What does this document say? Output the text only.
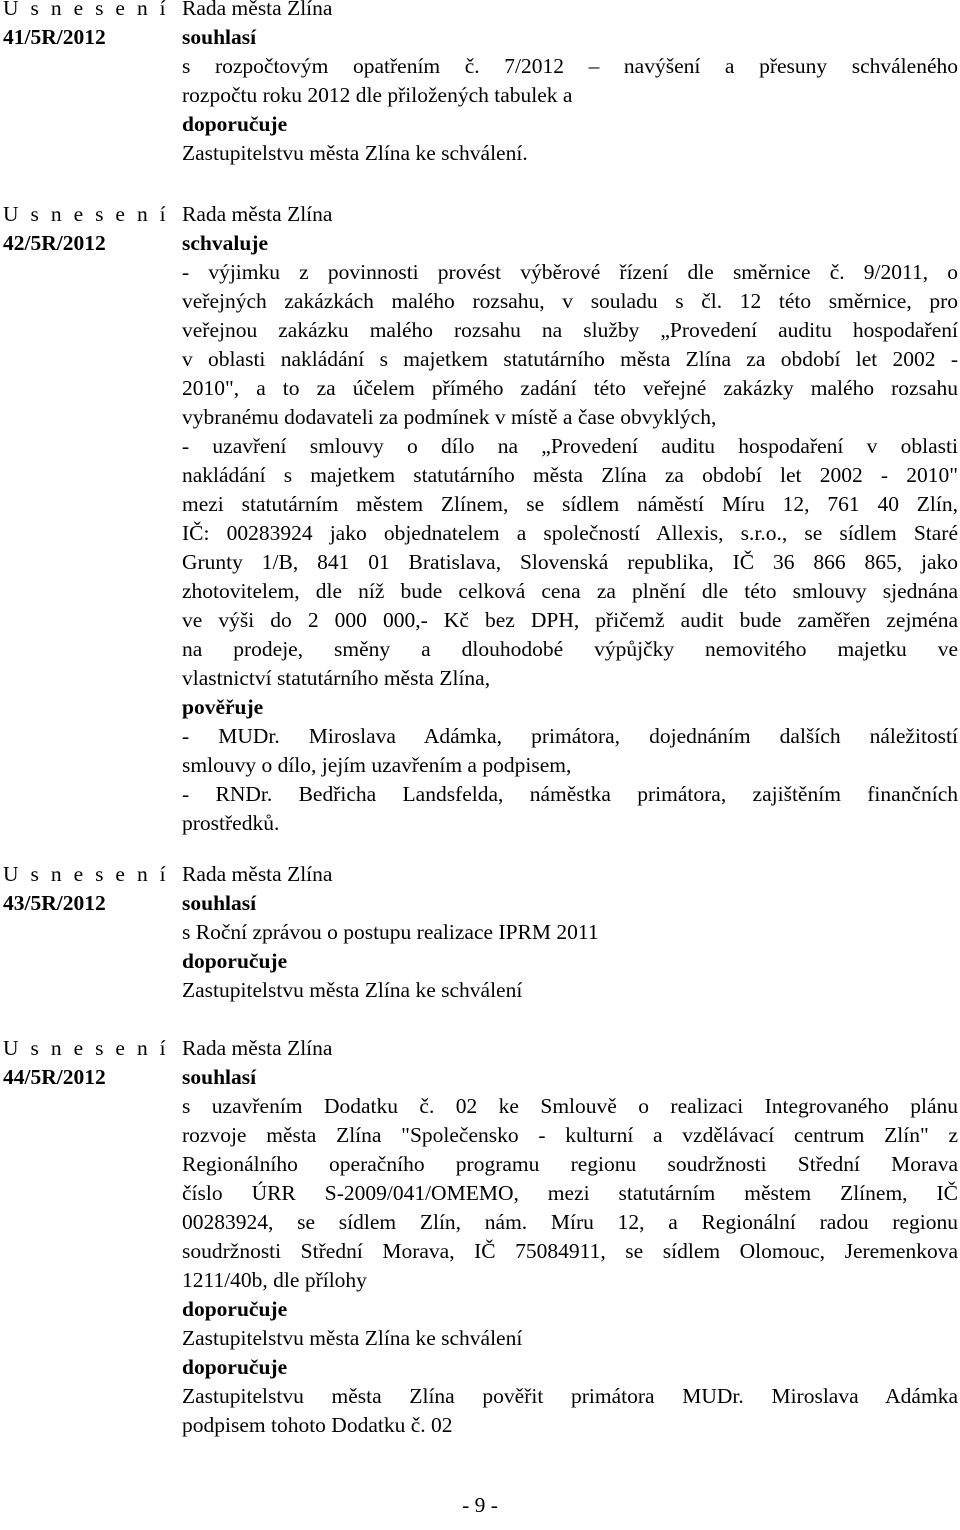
U s n e s e n í
41/5R/2012
Rada města Zlína
souhlasí
s rozpočtovým opatřením č. 7/2012 – navýšení a přesuny schváleného
rozpočtu roku 2012 dle přiložených tabulek a
doporučuje
Zastupitelstvu města Zlína ke schválení.
U s n e s e n í
42/5R/2012
Rada města Zlína
schvaluje
- výjimku z povinnosti provést výběrové řízení dle směrnice č. 9/2011, o
veřejných zakázkách malého rozsahu, v souladu s čl. 12 této směrnice, pro
veřejnou zakázku malého rozsahu na služby „Provedení auditu hospodaření
v oblasti nakládání s majetkem statutárního města Zlína za období let 2002 -
2010", a to za účelem přímého zadání této veřejné zakázky malého rozsahu
vybranému dodavateli za podmínek v místě a čase obvyklých,
- uzavření smlouvy o dílo na „Provedení auditu hospodaření v oblasti
nakládání s majetkem statutárního města Zlína za období let 2002 - 2010"
mezi statutárním městem Zlínem, se sídlem náměstí Míru 12, 761 40 Zlín,
IČ: 00283924 jako objednatelem a společností Allexis, s.r.o., se sídlem Staré
Grunty 1/B, 841 01 Bratislava, Slovenská republika, IČ 36 866 865, jako
zhotovitelem, dle níž bude celková cena za plnění dle této smlouvy sjednána
ve výši do 2 000 000,- Kč bez DPH, přičemž audit bude zaměřen zejména
na prodeje, směny a dlouhodobé výpůjčky nemovitého majetku ve
vlastnictví statutárního města Zlína,
pověřuje
- MUDr. Miroslava Adámka, primátora, dojednáním dalších náležitostí
smlouvy o dílo, jejím uzavřením a podpisem,
- RNDr. Bedřicha Landsfelda, náměstka primátora, zajištěním finančních
prostředků.
U s n e s e n í
43/5R/2012
Rada města Zlína
souhlasí
s Roční zprávou o postupu realizace IPRM 2011
doporučuje
Zastupitelstvu města Zlína ke schválení
U s n e s e n í
44/5R/2012
Rada města Zlína
souhlasí
s uzavřením Dodatku č. 02 ke Smlouvě o realizaci Integrovaného plánu
rozvoje města Zlína "Společensko - kulturní a vzdělávací centrum Zlín" z
Regionálního operačního programu regionu soudržnosti Střední Morava
číslo ÚRR S-2009/041/OMEMO, mezi statutárním městem Zlínem, IČ
00283924, se sídlem Zlín, nám. Míru 12, a Regionální radou regionu
soudržnosti Střední Morava, IČ 75084911, se sídlem Olomouc, Jeremenkova
1211/40b, dle přílohy
doporučuje
Zastupitelstvu města Zlína ke schválení
doporučuje
Zastupitelstvu města Zlína pověřit primátora MUDr. Miroslava Adámka
podpisem tohoto Dodatku č. 02
- 9 -
